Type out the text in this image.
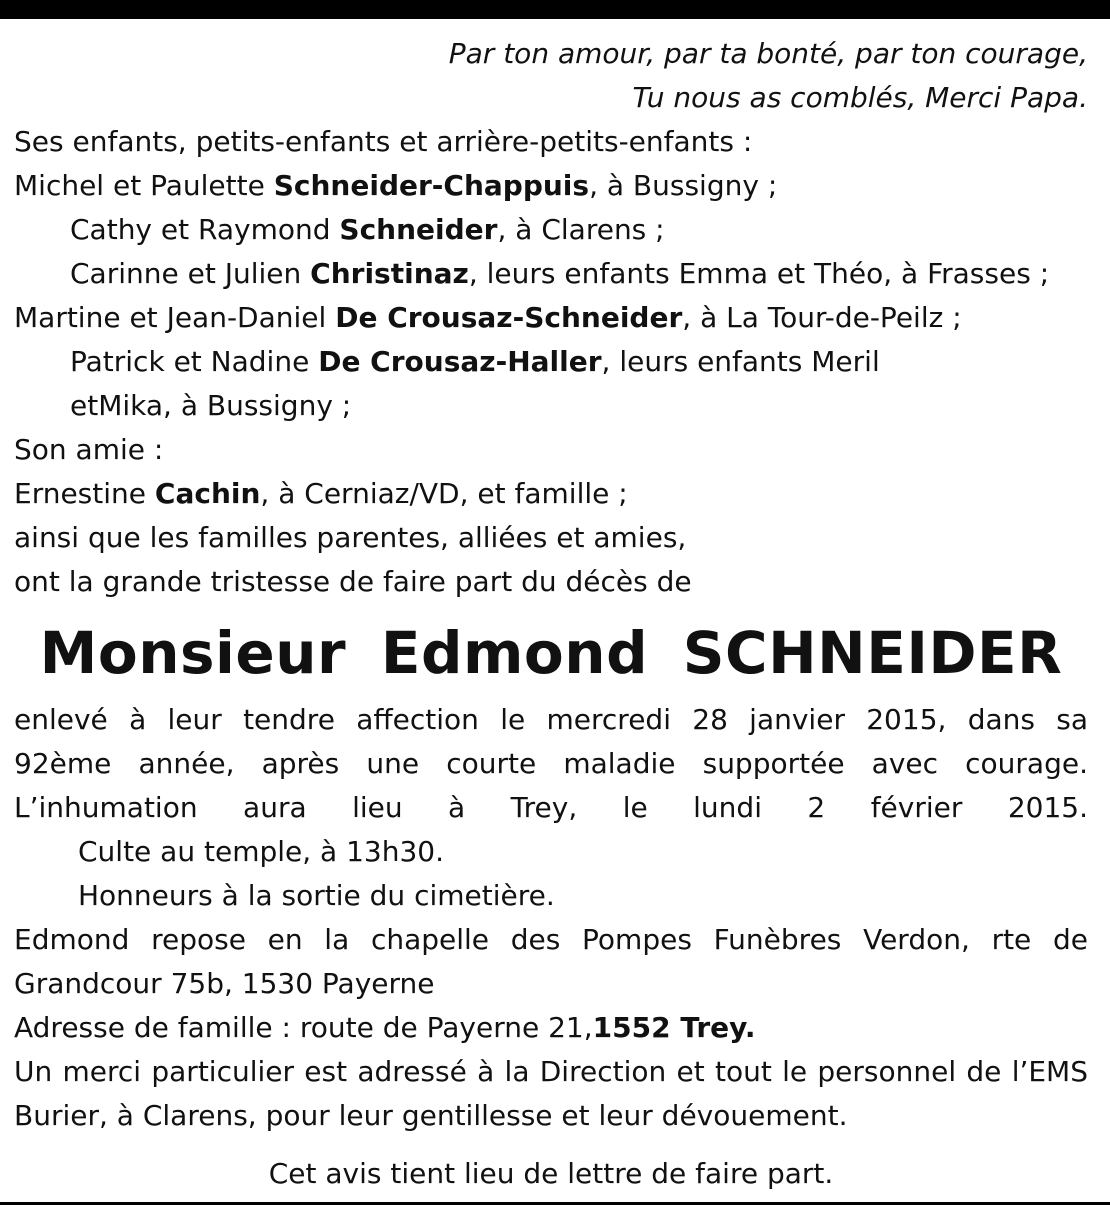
Par ton amour, par ta bonté, par ton courage,
Tu nous as comblés, Merci Papa.
Ses enfants, petits-enfants et arrière-petits-enfants :
Michel et Paulette Schneider-Chappuis, à Bussigny ;
Cathy et Raymond Schneider, à Clarens ;
Carinne et Julien Christinaz, leurs enfants Emma et Théo, à Frasses ;
Martine et Jean-Daniel De Crousaz-Schneider, à La Tour-de-Peilz ;
Patrick et Nadine De Crousaz-Haller, leurs enfants Meril etMika, à Bussigny ;
Son amie :
Ernestine Cachin, à Cerniaz/VD, et famille ;
ainsi que les familles parentes, alliées et amies,
ont la grande tristesse de faire part du décès de
Monsieur Edmond SCHNEIDER
enlevé à leur tendre affection le mercredi 28 janvier 2015, dans sa
92ème année, après une courte maladie supportée avec courage.
L’inhumation aura lieu à Trey, le lundi 2 février 2015.
Culte au temple, à 13h30.
Honneurs à la sortie du cimetière.
Edmond repose en la chapelle des Pompes Funèbres Verdon, rte de Grandcour 75b, 1530 Payerne
Adresse de famille : route de Payerne 21,1552 Trey.
Un merci particulier est adressé à la Direction et tout le personnel de l’EMS Burier, à Clarens, pour leur gentillesse et leur dévouement.
Cet avis tient lieu de lettre de faire part.
